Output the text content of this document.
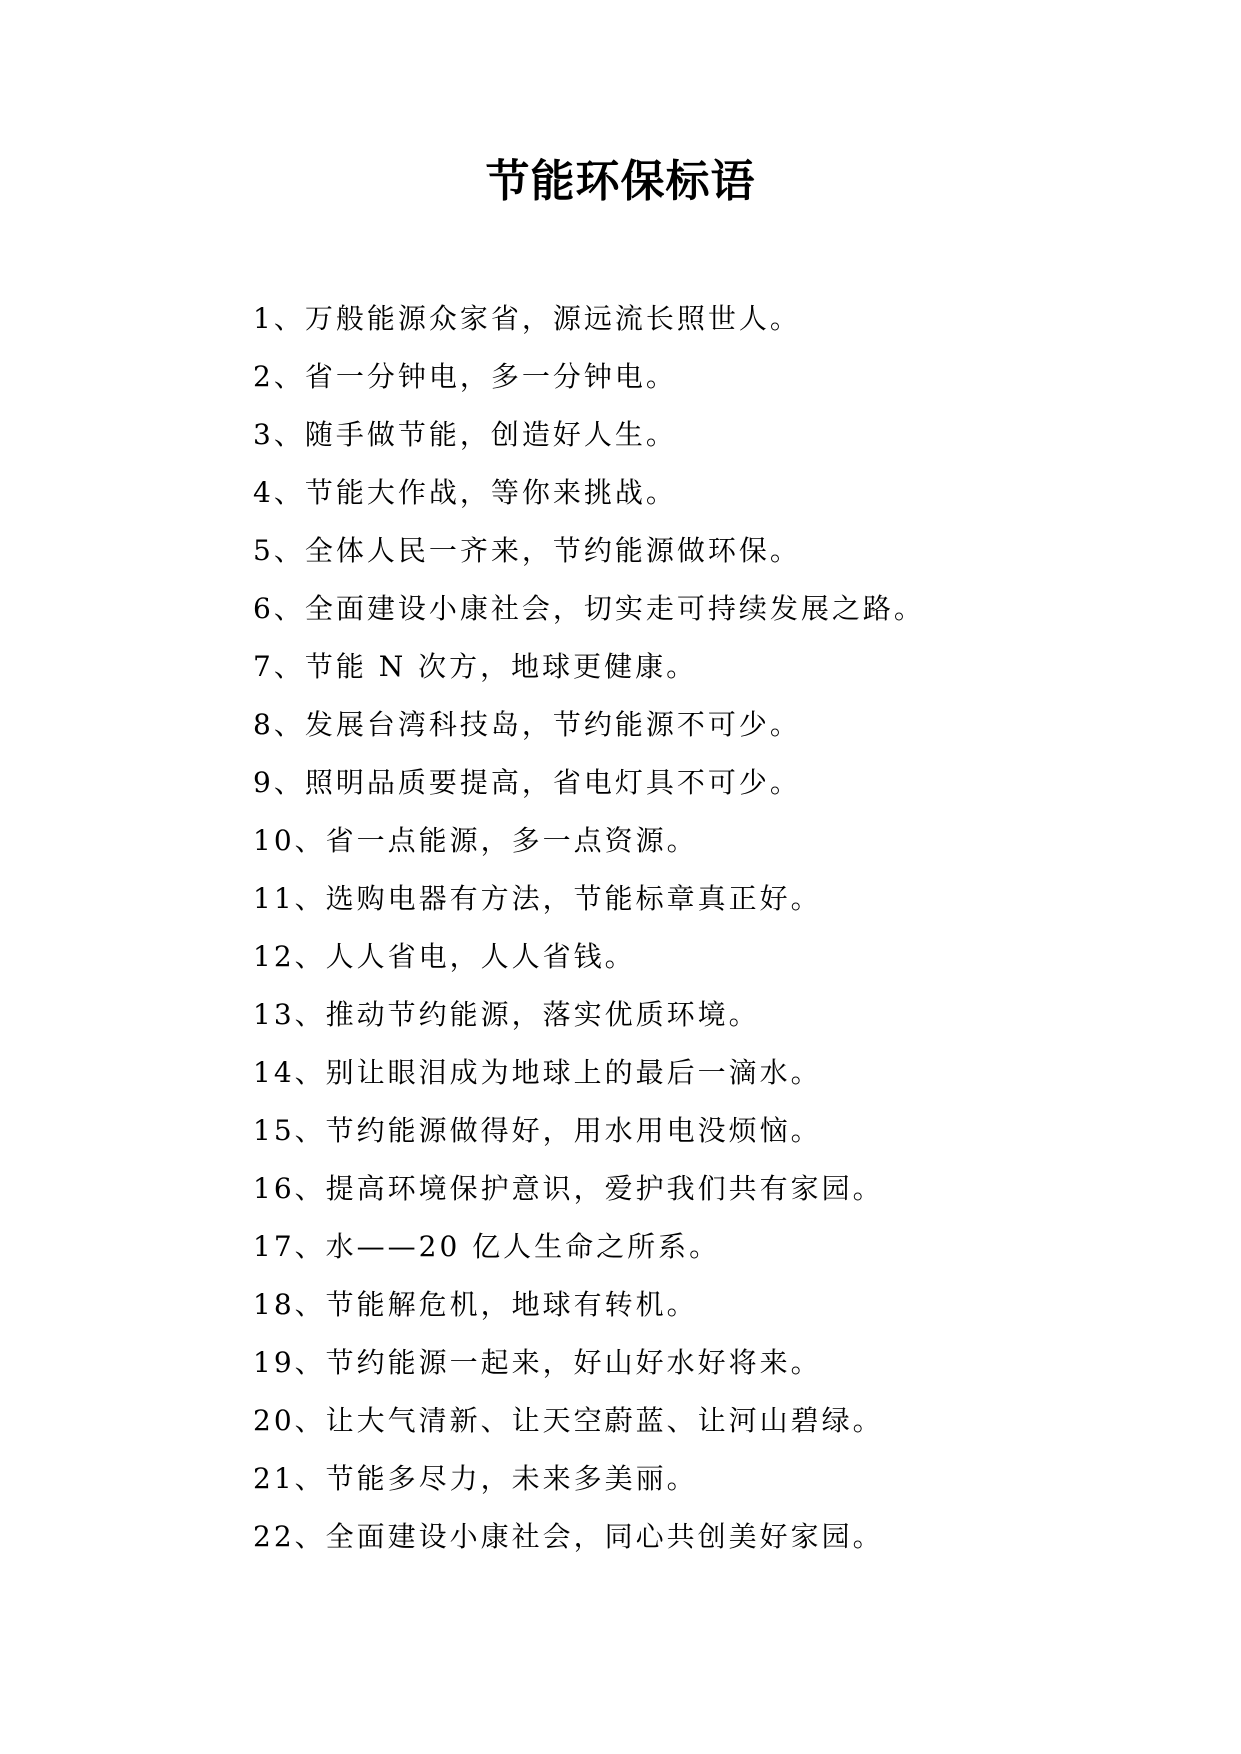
节能环保标语
1、万般能源众家省，源远流长照世人。
2、省一分钟电，多一分钟电。
3、随手做节能，创造好人生。
4、节能大作战，等你来挑战。
5、全体人民一齐来，节约能源做环保。
6、全面建设小康社会，切实走可持续发展之路。
7、节能 N 次方，地球更健康。
8、发展台湾科技岛，节约能源不可少。
9、照明品质要提高，省电灯具不可少。
10、省一点能源，多一点资源。
11、选购电器有方法，节能标章真正好。
12、人人省电，人人省钱。
13、推动节约能源，落实优质环境。
14、别让眼泪成为地球上的最后一滴水。
15、节约能源做得好，用水用电没烦恼。
16、提高环境保护意识，爱护我们共有家园。
17、水——20 亿人生命之所系。
18、节能解危机，地球有转机。
19、节约能源一起来，好山好水好将来。
20、让大气清新、让天空蔚蓝、让河山碧绿。
21、节能多尽力，未来多美丽。
22、全面建设小康社会，同心共创美好家园。
